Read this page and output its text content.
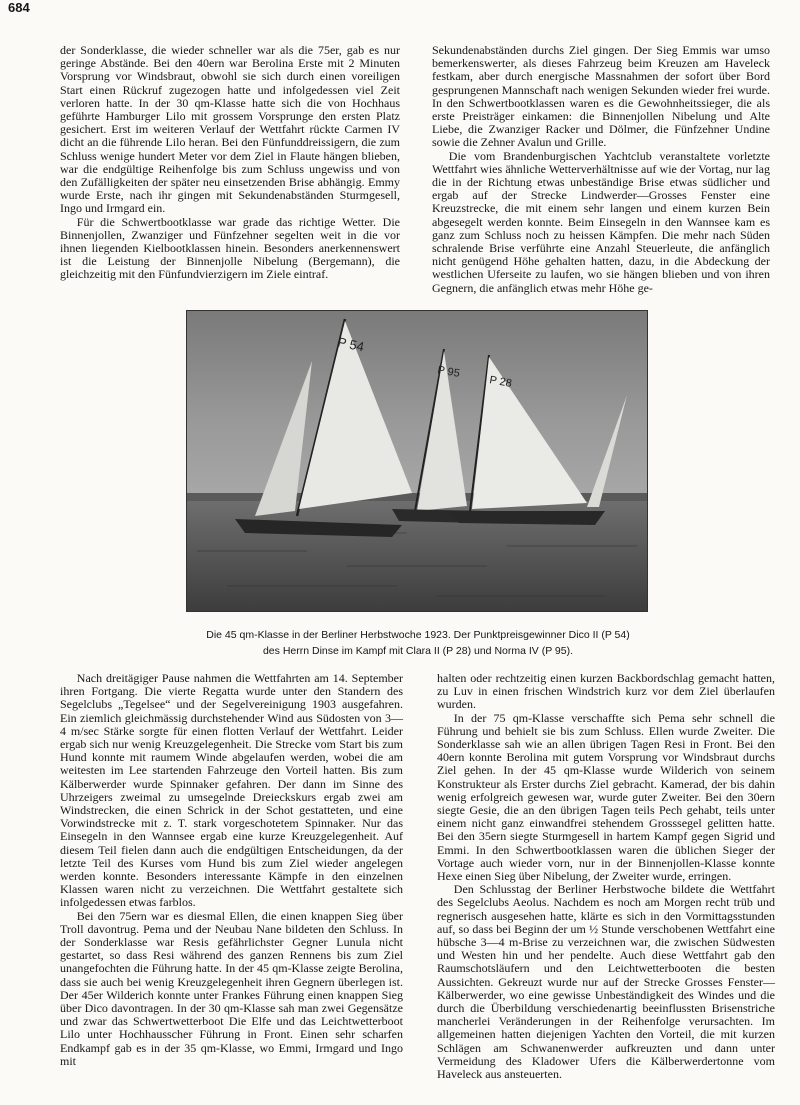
684

der Sonderklasse, die wieder schneller war als die 75er, gab es nur geringe Abstände. Bei den 40ern war Berolina Erste mit 2 Minuten Vorsprung vor Windsbraut, obwohl sie sich durch einen voreiligen Start einen Rückruf zugezogen hatte und infolgedessen viel Zeit verloren hatte. In der 30 qm-Klasse hatte sich die von Hochhaus geführte Hamburger Lilo mit grossem Vorsprunge den ersten Platz gesichert. Erst im weiteren Verlauf der Wettfahrt rückte Carmen IV dicht an die führende Lilo heran. Bei den Fünfunddreissigern, die zum Schluss wenige hundert Meter vor dem Ziel in Flaute hängen blieben, war die endgültige Reihenfolge bis zum Schluss ungewiss und von den Zufälligkeiten der später neu einsetzenden Brise abhängig. Emmy wurde Erste, nach ihr gingen mit Sekundenabständen Sturmgesell, Ingo und Irmgard ein.

Für die Schwertbootklasse war grade das richtige Wetter. Die Binnenjollen, Zwanziger und Fünfzehner segelten weit in die vor ihnen liegenden Kielbootklassen hinein. Besonders anerkennenswert ist die Leistung der Binnenjolle Nibelung (Bergemann), die gleichzeitig mit den Fünfundvierzigern im Ziele eintraf.

Sekundenabständen durchs Ziel gingen. Der Sieg Emmis war umso bemerkenswerter, als dieses Fahrzeug beim Kreuzen am Haveleck festkam, aber durch energische Massnahmen der sofort über Bord gesprungenen Mannschaft nach wenigen Sekunden wieder frei wurde. In den Schwertbootklassen waren es die Gewohnheitssieger, die als erste Preisträger einkamen: die Binnenjollen Nibelung und Alte Liebe, die Zwanziger Racker und Dölmer, die Fünfzehner Undine sowie die Zehner Avalun und Grille.

Die vom Brandenburgischen Yachtclub veranstaltete vorletzte Wettfahrt wies ähnliche Wetterverhältnisse auf wie der Vortag, nur lag die in der Richtung etwas unbeständige Brise etwas südlicher und ergab auf der Strecke Lindwerder—Grosses Fenster eine Kreuzstrecke, die mit einem sehr langen und einem kurzen Bein abgesegelt werden konnte. Beim Einsegeln in den Wannsee kam es ganz zum Schluss noch zu heissen Kämpfen. Die mehr nach Süden schralende Brise verführte eine Anzahl Steuerleute, die anfänglich nicht genügend Höhe gehalten hatten, dazu, in die Abdeckung der westlichen Uferseite zu laufen, wo sie hängen blieben und von ihren Gegnern, die anfänglich etwas mehr Höhe ge-

P 54
P 95
P 28
Die 45 qm-Klasse in der Berliner Herbstwoche 1923. Der Punktpreisgewinner Dico II (P 54)
des Herrn Dinse im Kampf mit Clara II (P 28) und Norma IV (P 95).

Nach dreitägiger Pause nahmen die Wettfahrten am 14. September ihren Fortgang. Die vierte Regatta wurde unter den Standern des Segelclubs „Tegelsee“ und der Segelvereinigung 1903 ausgefahren. Ein ziemlich gleichmässig durchstehender Wind aus Südosten von 3—4 m/sec Stärke sorgte für einen flotten Verlauf der Wettfahrt. Leider ergab sich nur wenig Kreuzgelegenheit. Die Strecke vom Start bis zum Hund konnte mit raumem Winde abgelaufen werden, wobei die am weitesten im Lee startenden Fahrzeuge den Vorteil hatten. Bis zum Kälberwerder wurde Spinnaker gefahren. Der dann im Sinne des Uhrzeigers zweimal zu umsegelnde Dreieckskurs ergab zwei am Windstrecken, die einen Schrick in der Schot gestatteten, und eine Vorwindstrecke mit z. T. stark vorgeschotetem Spinnaker. Nur das Einsegeln in den Wannsee ergab eine kurze Kreuzgelegenheit. Auf diesem Teil fielen dann auch die endgültigen Entscheidungen, da der letzte Teil des Kurses vom Hund bis zum Ziel wieder angelegen werden konnte. Besonders interessante Kämpfe in den einzelnen Klassen waren nicht zu verzeichnen. Die Wettfahrt gestaltete sich infolgedessen etwas farblos.

Bei den 75ern war es diesmal Ellen, die einen knappen Sieg über Troll davontrug. Pema und der Neubau Nane bildeten den Schluss. In der Sonderklasse war Resis gefährlichster Gegner Lunula nicht gestartet, so dass Resi während des ganzen Rennens bis zum Ziel unangefochten die Führung hatte. In der 45 qm-Klasse zeigte Berolina, dass sie auch bei wenig Kreuzgelegenheit ihren Gegnern überlegen ist. Der 45er Wilderich konnte unter Frankes Führung einen knappen Sieg über Dico davontragen. In der 30 qm-Klasse sah man zwei Gegensätze und zwar das Schwertwetterboot Die Elfe und das Leichtwetterboot Lilo unter Hochhausscher Führung in Front. Einen sehr scharfen Endkampf gab es in der 35 qm-Klasse, wo Emmi, Irmgard und Ingo mit

halten oder rechtzeitig einen kurzen Backbordschlag gemacht hatten, zu Luv in einen frischen Windstrich kurz vor dem Ziel überlaufen wurden.

In der 75 qm-Klasse verschaffte sich Pema sehr schnell die Führung und behielt sie bis zum Schluss. Ellen wurde Zweiter. Die Sonderklasse sah wie an allen übrigen Tagen Resi in Front. Bei den 40ern konnte Berolina mit gutem Vorsprung vor Windsbraut durchs Ziel gehen. In der 45 qm-Klasse wurde Wilderich von seinem Konstrukteur als Erster durchs Ziel gebracht. Kamerad, der bis dahin wenig erfolgreich gewesen war, wurde guter Zweiter. Bei den 30ern siegte Gesie, die an den übrigen Tagen teils Pech gehabt, teils unter einem nicht ganz einwandfrei stehendem Grosssegel gelitten hatte. Bei den 35ern siegte Sturmgesell in hartem Kampf gegen Sigrid und Emmi. In den Schwertbootklassen waren die üblichen Sieger der Vortage auch wieder vorn, nur in der Binnenjollen-Klasse konnte Hexe einen Sieg über Nibelung, der Zweiter wurde, erringen.

Den Schlusstag der Berliner Herbstwoche bildete die Wettfahrt des Segelclubs Aeolus. Nachdem es noch am Morgen recht trüb und regnerisch ausgesehen hatte, klärte es sich in den Vormittagsstunden auf, so dass bei Beginn der um ½ Stunde verschobenen Wettfahrt eine hübsche 3—4 m-Brise zu verzeichnen war, die zwischen Südwesten und Westen hin und her pendelte. Auch diese Wettfahrt gab den Raumschotsläufern und den Leichtwetterbooten die besten Aussichten. Gekreuzt wurde nur auf der Strecke Grosses Fenster—Kälberwerder, wo eine gewisse Unbeständigkeit des Windes und die durch die Überbildung verschiedenartig beeinflussten Brisenstriche mancherlei Veränderungen in der Reihenfolge verursachten. Im allgemeinen hatten diejenigen Yachten den Vorteil, die mit kurzen Schlägen am Schwanenwerder aufkreuzten und dann unter Vermeidung des Kladower Ufers die Kälberwerdertonne vom Haveleck aus ansteuerten.
